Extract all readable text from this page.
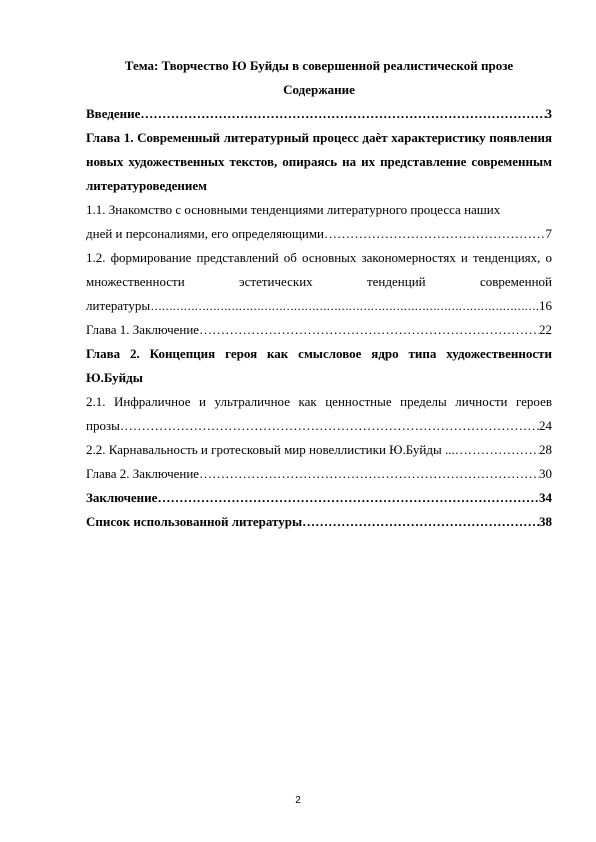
Тема: Творчество Ю Буйды в совершенной реалистической прозе

Содержание

Введение ……………………………………………………………………………………………………………………………………	3

Глава 1. Современный литературный процесс даѐт характеристику появления новых художественных текстов, опираясь на их представление современным литературоведением

1.1. Знакомство с основными тенденциями литературного процесса наших

дней и персоналиями, его определяющими ……………………………………………………………………………………………………………………………………	7

1.2. формирование представлений об основных закономерностях и тенденциях, о множественности эстетических тенденций современной

литературы ……………………………………………………………………………………………………………………………………	16
Глава 1. Заключение ……………………………………………………………………………………………………………………………………	22

Глава 2. Концепция героя как смысловое ядро типа художественности Ю.Буйды

2.1. Инфраличное и ультраличное как ценностные пределы личности героев

прозы ……………………………………………………………………………………………………………………………………	24
2.2. Карнавальность и гротесковый мир новеллистики Ю.Буйды ... ……………………………………………………………………………………………………………………………………	28
Глава 2. Заключение ……………………………………………………………………………………………………………………………………	30
Заключение ……………………………………………………………………………………………………………………………………	34
Список использованной литературы ……………………………………………………………………………………………………………………………………	38
2
